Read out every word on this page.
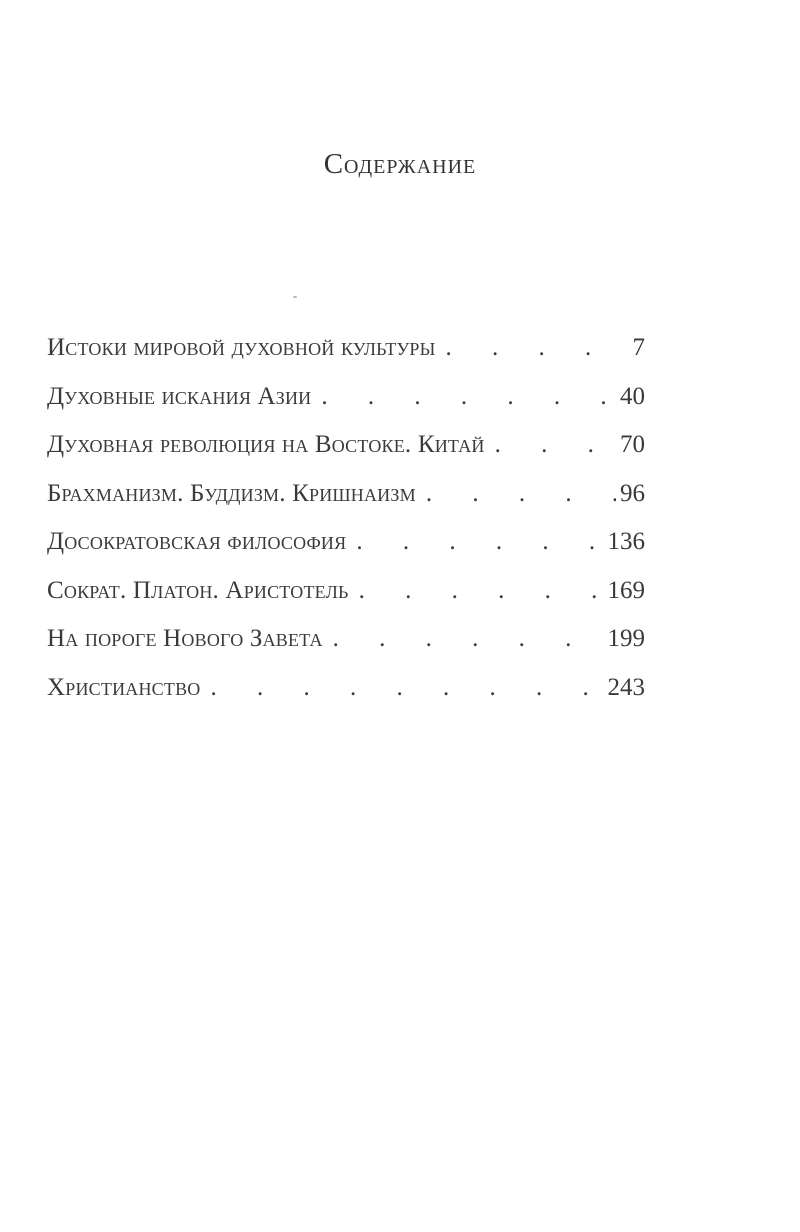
Содержание
Истоки мировой духовной культуры . . .	7
Духовные искания Азии . . .	40
Духовная революция на Востоке. Китай . . .	70
Брахманизм. Буддизм. Кришнаизм . . .	96
Досократовская философия . . .	136
Сократ. Платон. Аристотель . . .	169
На пороге Нового Завета . . .	199
Христианство . . .	243
